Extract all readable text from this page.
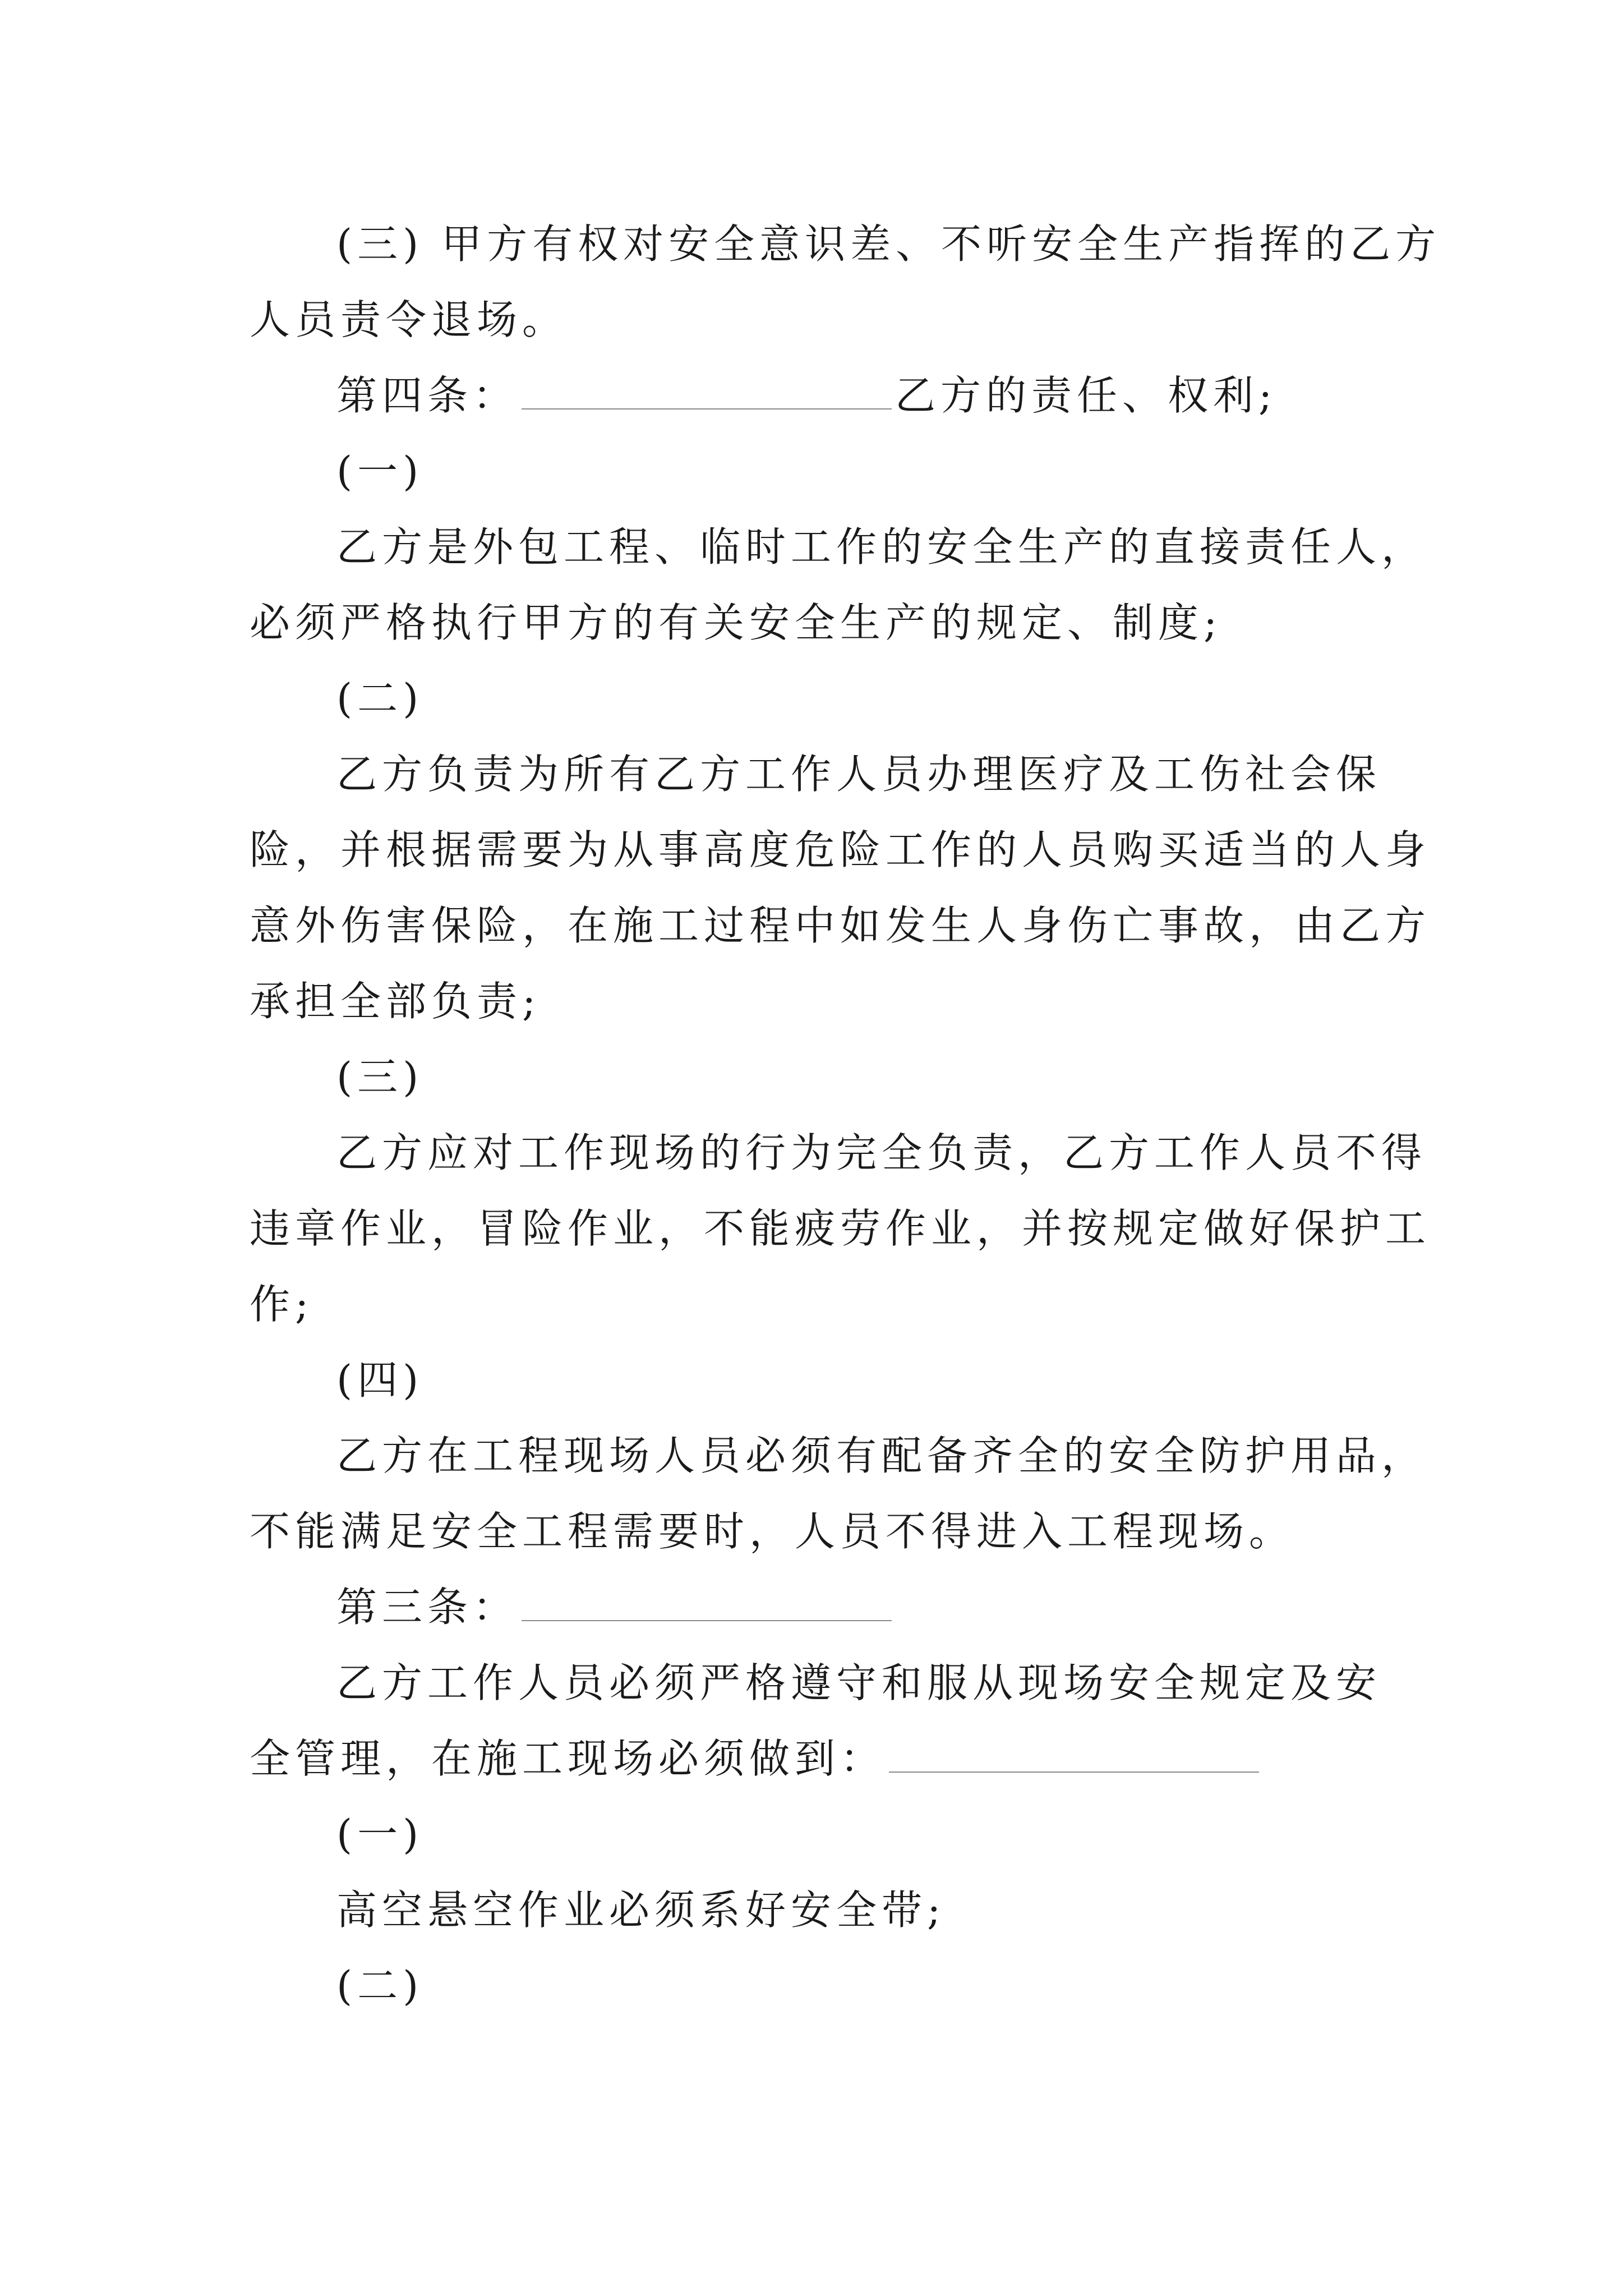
(三) 甲方有权对安全意识差、不听安全生产指挥的乙方
人员责令退场。
第四条：	乙方的责任、权利;
(一)
乙方是外包工程、临时工作的安全生产的直接责任人，
必须严格执行甲方的有关安全生产的规定、制度;
(二)
乙方负责为所有乙方工作人员办理医疗及工伤社会保
险，并根据需要为从事高度危险工作的人员购买适当的人身
意外伤害保险，在施工过程中如发生人身伤亡事故，由乙方
承担全部负责;
(三)
乙方应对工作现场的行为完全负责，乙方工作人员不得
违章作业，冒险作业，不能疲劳作业，并按规定做好保护工
作;
(四)
乙方在工程现场人员必须有配备齐全的安全防护用品，
不能满足安全工程需要时，人员不得进入工程现场。
第三条：
乙方工作人员必须严格遵守和服从现场安全规定及安
全管理，在施工现场必须做到：
(一)
高空悬空作业必须系好安全带;
(二)
